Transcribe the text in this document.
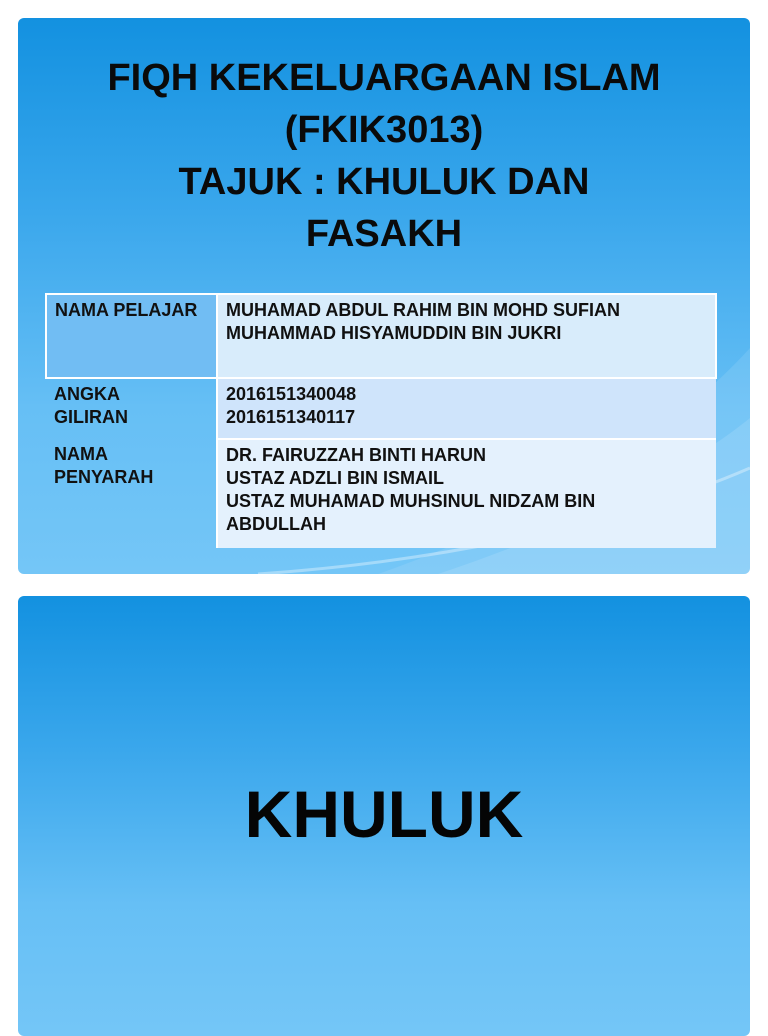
FIQH KEKELUARGAAN ISLAM
(FKIK3013)
TAJUK : KHULUK DAN
FASAKH
NAMA PELAJAR	MUHAMAD ABDUL RAHIM BIN MOHD SUFIAN
MUHAMMAD HISYAMUDDIN BIN JUKRI

ANGKA
GILIRAN	2016151340048
2016151340117

NAMA
PENYARAH	DR. FAIRUZZAH BINTI HARUN
USTAZ ADZLI BIN ISMAIL
USTAZ MUHAMAD MUHSINUL NIDZAM BIN
ABDULLAH
KHULUK
